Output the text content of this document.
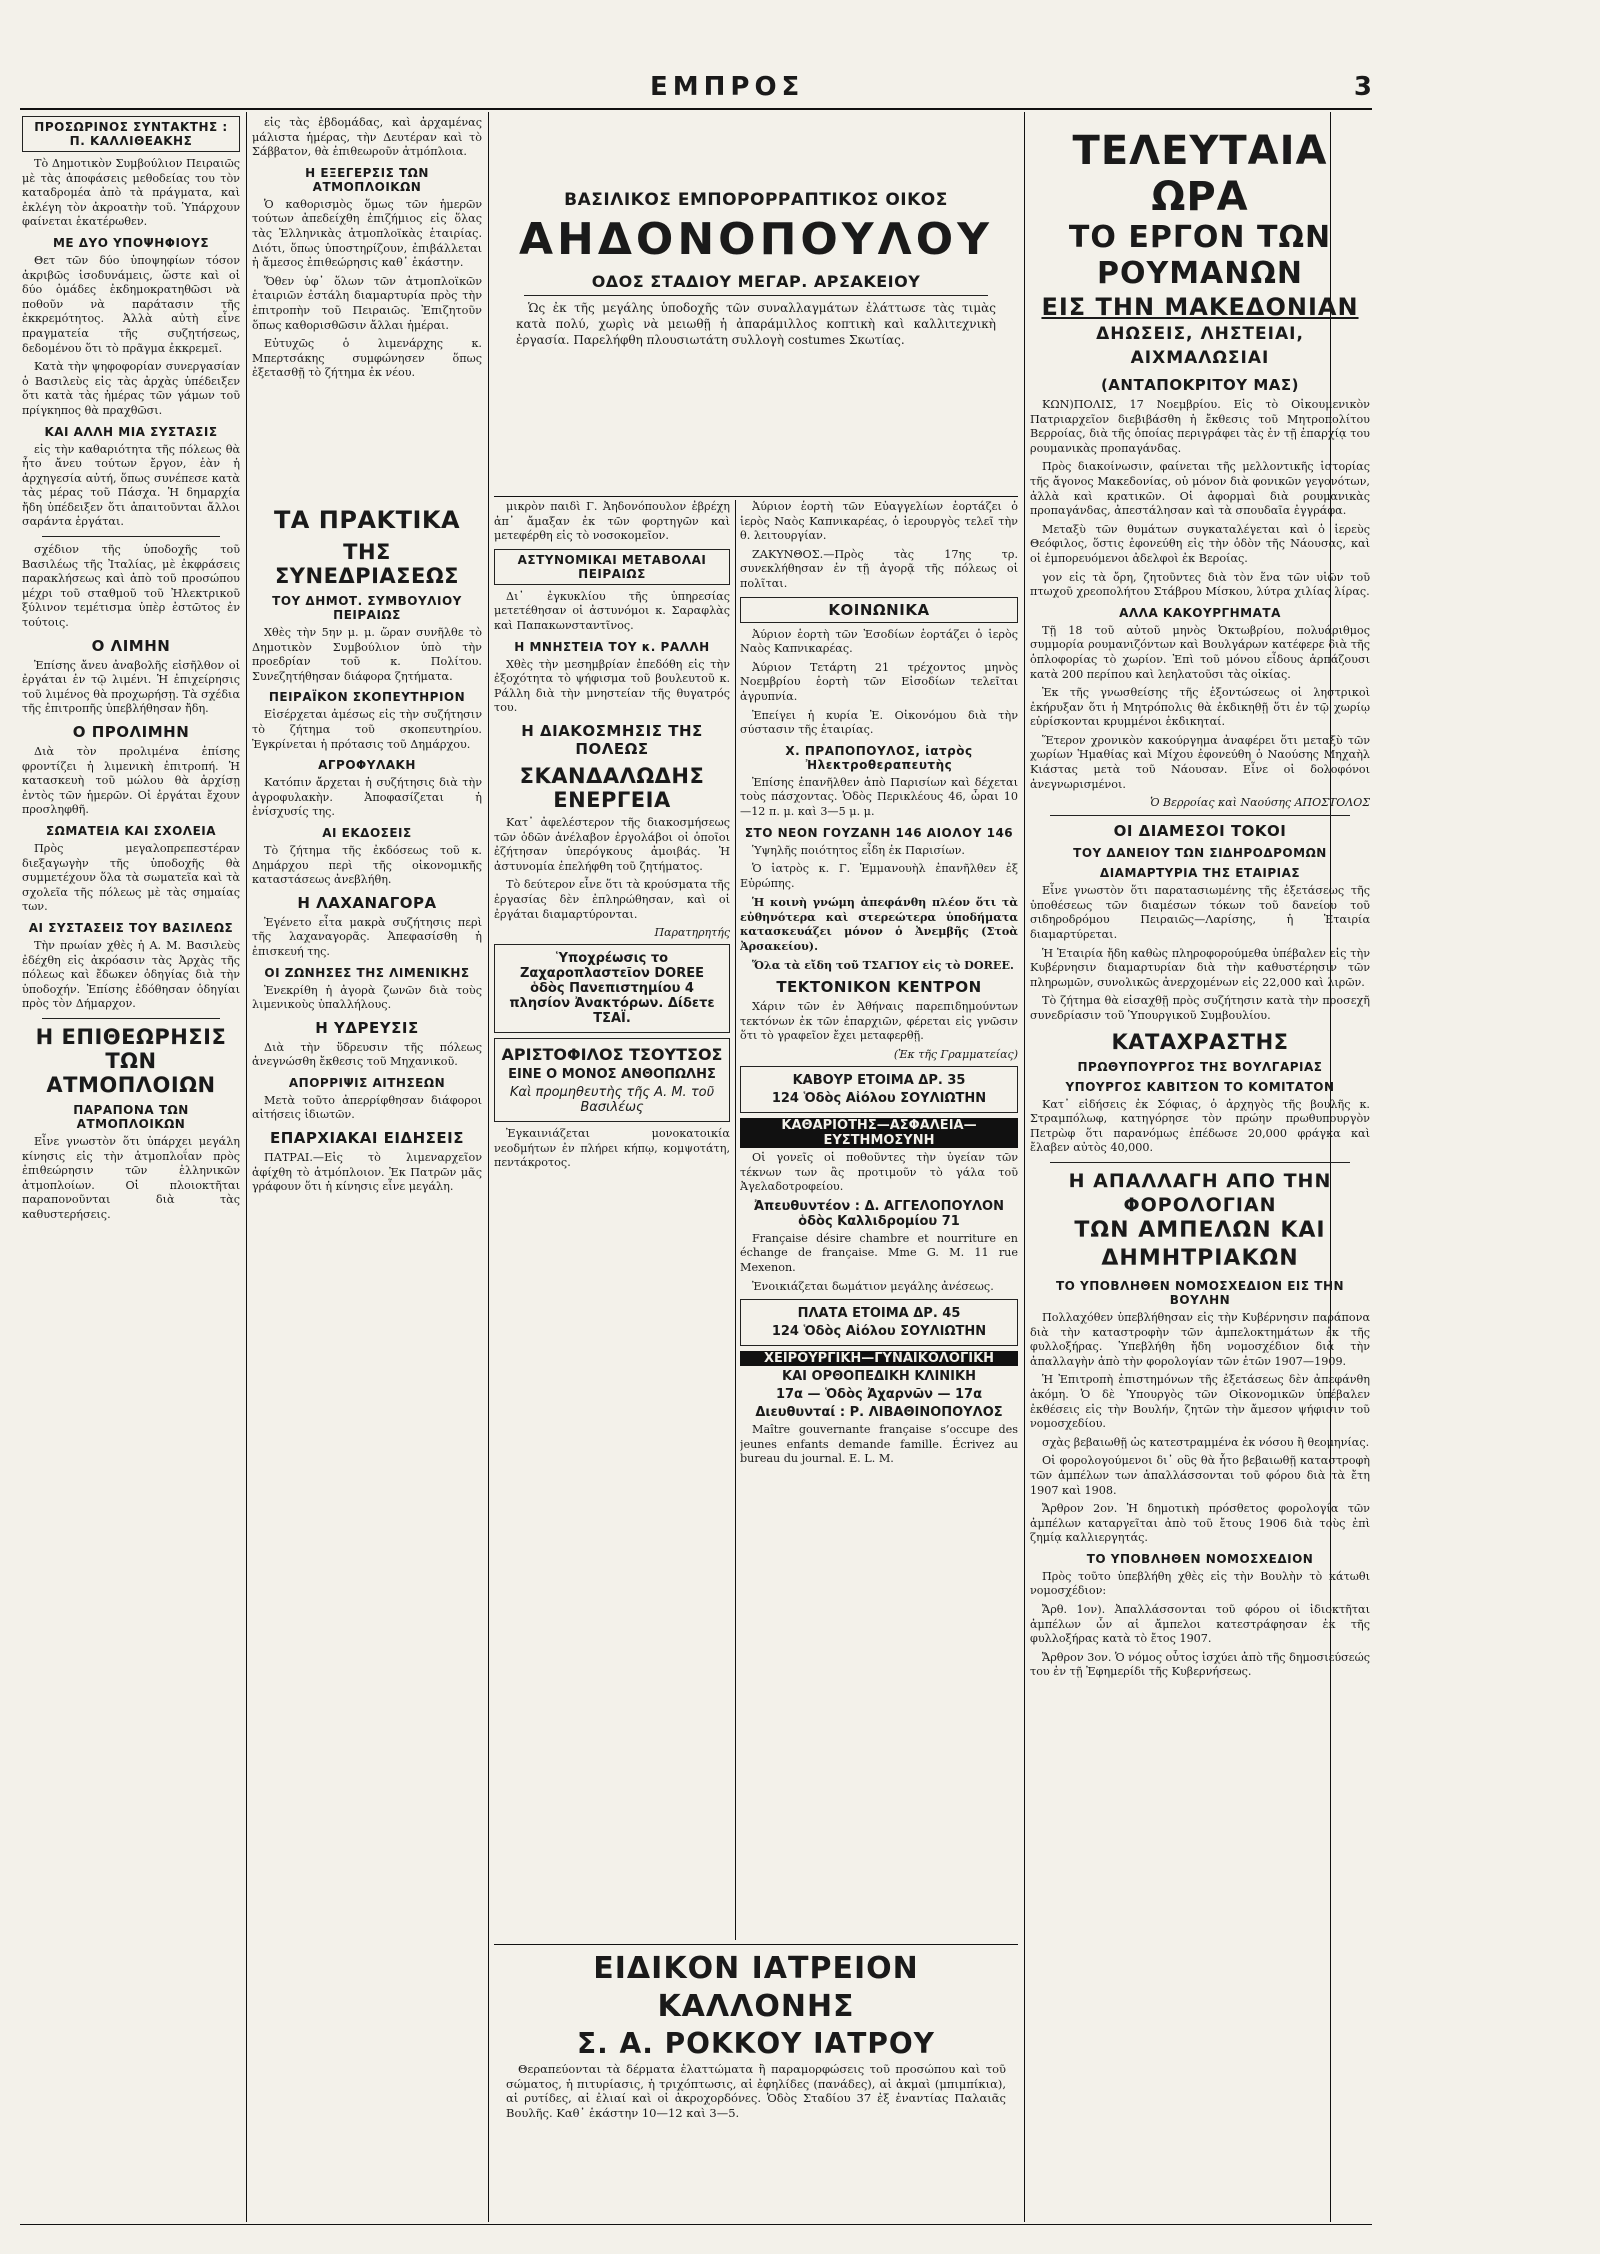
ΕΜΠΡΟΣ	3
ΠΡΟΣΩΡΙΝΟΣ ΣΥΝΤΑΚΤΗΣ : Π. ΚΑΛΛΙΘΕΑΚΗΣ

Τὸ Δημοτικὸν Συμβούλιον Πειραιῶς μὲ τὰς ἀποφάσεις μεθοδείας του τὸν καταδρομέα ἀπὸ τὰ πράγματα, καὶ ἐκλέγη τὸν ἀκροατὴν τοῦ. Ὑπάρχουν φαίνεται ἑκατέρωθεν.

ΜΕ ΔΥΟ ΥΠΟΨΗΦΙΟΥΣ

Θετ τῶν δύο ὑποψηφίων τόσον ἀκριβῶς ἰσοδυνάμεις, ὥστε καὶ οἱ δύο ὁμάδες ἐκδημοκρατηθῶσι νὰ ποθοῦν νὰ παράτασιν τῆς ἐκκρεμότητος. Ἀλλὰ αὐτὴ εἶνε πραγματεία τῆς συζητήσεως, δεδομένου ὅτι τὸ πρᾶγμα ἐκκρεμεῖ.

Κατὰ τὴν ψηφοφορίαν συνεργασίαν ὁ Βασιλεὺς εἰς τὰς ἀρχὰς ὑπέδειξεν ὅτι κατὰ τὰς ἡμέρας τῶν γάμων τοῦ πρίγκηπος θὰ πραχθῶσι.

ΚΑΙ ΑΛΛΗ ΜΙΑ ΣΥΣΤΑΣΙΣ

εἰς τὴν καθαριότητα τῆς πόλεως θὰ ἦτο ἄνευ τούτων ἔργον, ἐὰν ἡ ἀρχηγεσία αὐτή, ὅπως συνέπεσε κατὰ τὰς μέρας τοῦ Πάσχα. Ἡ δημαρχία ἤδη ὑπέδειξεν ὅτι ἀπαιτοῦνται ἄλλοι σαράντα ἐργάται.

σχέδιον τῆς ὑποδοχῆς τοῦ Βασιλέως τῆς Ἰταλίας, μὲ ἐκφράσεις παρακλήσεως καὶ ἀπὸ τοῦ προσώπου μέχρι τοῦ σταθμοῦ τοῦ Ἠλεκτρικοῦ ξύλινον τεμέτισμα ὑπὲρ ἐστῶτος ἐν τούτοις.

Ο ΛΙΜΗΝ

Ἐπίσης ἄνευ ἀναβολῆς εἰσῆλθον οἱ ἐργάται ἐν τῷ λιμένι. Ἡ ἐπιχείρησις τοῦ λιμένος θὰ προχωρήσῃ. Τὰ σχέδια τῆς ἐπιτροπῆς ὑπεβλήθησαν ἤδη.

Ο ΠΡΟΛΙΜΗΝ

Διὰ τὸν προλιμένα ἐπίσης φροντίζει ἡ λιμενικὴ ἐπιτροπή. Ἡ κατασκευὴ τοῦ μώλου θὰ ἀρχίσῃ ἐντὸς τῶν ἡμερῶν. Οἱ ἐργάται ἔχουν προσληφθῆ.

ΣΩΜΑΤΕΙΑ ΚΑΙ ΣΧΟΛΕΙΑ

Πρὸς μεγαλοπρεπεστέραν διεξαγωγὴν τῆς ὑποδοχῆς θὰ συμμετέχουν ὅλα τὰ σωματεῖα καὶ τὰ σχολεῖα τῆς πόλεως μὲ τὰς σημαίας των.

ΑΙ ΣΥΣΤΑΣΕΙΣ ΤΟΥ ΒΑΣΙΛΕΩΣ

Τὴν πρωίαν χθὲς ἡ Α. Μ. Βασιλεὺς ἐδέχθη εἰς ἀκρόασιν τὰς Ἀρχὰς τῆς πόλεως καὶ ἔδωκεν ὁδηγίας διὰ τὴν ὑποδοχήν. Ἐπίσης ἐδόθησαν ὁδηγίαι πρὸς τὸν Δήμαρχον.

Η ΕΠΙΘΕΩΡΗΣΙΣ ΤΩΝ ΑΤΜΟΠΛΟΙΩΝ
ΠΑΡΑΠΟΝΑ ΤΩΝ ΑΤΜΟΠΛΟΙΚΩΝ

Εἶνε γνωστὸν ὅτι ὑπάρχει μεγάλη κίνησις εἰς τὴν ἀτμοπλοΐαν πρὸς ἐπιθεώρησιν τῶν ἑλληνικῶν ἀτμοπλοίων. Οἱ πλοιοκτῆται παραπονοῦνται διὰ τὰς καθυστερήσεις.

εἰς τὰς ἑβδομάδας, καὶ ἀρχαμένας μάλιστα ἡμέρας, τὴν Δευτέραν καὶ τὸ Σάββατον, θὰ ἐπιθεωροῦν ἀτμόπλοια.

Η ΕΞΕΓΕΡΣΙΣ ΤΩΝ ΑΤΜΟΠΛΟΙΚΩΝ

Ὁ καθορισμὸς ὅμως τῶν ἡμερῶν τούτων ἀπεδείχθη ἐπιζήμιος εἰς ὅλας τὰς Ἑλληνικὰς ἀτμοπλοϊκὰς ἑταιρίας. Διότι, ὅπως ὑποστηρίζουν, ἐπιβάλλεται ἡ ἄμεσος ἐπιθεώρησις καθ᾿ ἑκάστην.

Ὅθεν ὑφ᾿ ὅλων τῶν ἀτμοπλοϊκῶν ἑταιριῶν ἐστάλη διαμαρτυρία πρὸς τὴν ἐπιτροπὴν τοῦ Πειραιῶς. Ἐπιζητοῦν ὅπως καθορισθῶσιν ἄλλαι ἡμέραι.

Εὐτυχῶς ὁ λιμενάρχης κ. Μπερτσάκης συμφώνησεν ὅπως ἐξετασθῇ τὸ ζήτημα ἐκ νέου.

ΒΑΣΙΛΙΚΟΣ ΕΜΠΟΡΟΡΡΑΠΤΙΚΟΣ ΟΙΚΟΣ
ΑΗΔΟΝΟΠΟΥΛΟΥ
ΟΔΟΣ ΣΤΑΔΙΟΥ ΜΕΓΑΡ. ΑΡΣΑΚΕΙΟΥ

Ὡς ἐκ τῆς μεγάλης ὑποδοχῆς τῶν συναλλαγμάτων ἐλάττωσε τὰς τιμὰς κατὰ πολύ, χωρὶς νὰ μειωθῇ ἡ ἀπαράμιλλος κοπτικὴ καὶ καλλιτεχνικὴ ἐργασία. Παρελήφθη πλουσιωτάτη συλλογὴ costumes Σκωτίας.

ΤΑ ΠΡΑΚΤΙΚΑ
ΤΗΣ ΣΥΝΕΔΡΙΑΣΕΩΣ
ΤΟΥ ΔΗΜΟΤ. ΣΥΜΒΟΥΛΙΟΥ ΠΕΙΡΑΙΩΣ

Χθὲς τὴν 5ην μ. μ. ὥραν συνῆλθε τὸ Δημοτικὸν Συμβούλιον ὑπὸ τὴν προεδρίαν τοῦ κ. Πολίτου. Συνεζητήθησαν διάφορα ζητήματα.

ΠΕΙΡΑΪΚΟΝ ΣΚΟΠΕΥΤΗΡΙΟΝ

Εἰσέρχεται ἀμέσως εἰς τὴν συζήτησιν τὸ ζήτημα τοῦ σκοπευτηρίου. Ἐγκρίνεται ἡ πρότασις τοῦ Δημάρχου.

ΑΓΡΟΦΥΛΑΚΗ

Κατόπιν ἄρχεται ἡ συζήτησις διὰ τὴν ἀγροφυλακὴν. Ἀποφασίζεται ἡ ἐνίσχυσίς της.

ΑΙ ΕΚΔΟΣΕΙΣ

Τὸ ζήτημα τῆς ἐκδόσεως τοῦ κ. Δημάρχου περὶ τῆς οἰκονομικῆς καταστάσεως ἀνεβλήθη.

Η ΛΑΧΑΝΑΓΟΡΑ

Ἐγένετο εἶτα μακρὰ συζήτησις περὶ τῆς λαχαναγορᾶς. Ἀπεφασίσθη ἡ ἐπισκευή της.

ΟΙ ΖΩΝΗΣΕΣ ΤΗΣ ΛΙΜΕΝΙΚΗΣ

Ἐνεκρίθη ἡ ἀγορὰ ζωνῶν διὰ τοὺς λιμενικοὺς ὑπαλλήλους.

Η ΥΔΡΕΥΣΙΣ

Διὰ τὴν ὕδρευσιν τῆς πόλεως ἀνεγνώσθη ἔκθεσις τοῦ Μηχανικοῦ.

ΑΠΟΡΡΙΨΙΣ ΑΙΤΗΣΕΩΝ

Μετὰ τοῦτο ἀπερρίφθησαν διάφοροι αἰτήσεις ἰδιωτῶν.

ΕΠΑΡΧΙΑΚΑΙ ΕΙΔΗΣΕΙΣ

ΠΑΤΡΑΙ.—Εἰς τὸ λιμεναρχεῖον ἀφίχθη τὸ ἀτμόπλοιον. Ἐκ Πατρῶν μᾶς γράφουν ὅτι ἡ κίνησις εἶνε μεγάλη.

μικρὸν παιδὶ Γ. Ἀηδονόπουλον ἐβρέχη ἀπ᾿ ἄμαξαν ἐκ τῶν φορτηγῶν καὶ μετεφέρθη εἰς τὸ νοσοκομεῖον.

ΑΣΤΥΝΟΜΙΚΑΙ ΜΕΤΑΒΟΛΑΙ ΠΕΙΡΑΙΩΣ

Δι᾿ ἐγκυκλίου τῆς ὑπηρεσίας μετετέθησαν οἱ ἀστυνόμοι κ. Σαραφλὰς καὶ Παπακωνσταντῖνος.

Η ΜΝΗΣΤΕΙΑ ΤΟΥ κ. ΡΑΛΛΗ

Χθὲς τὴν μεσημβρίαν ἐπεδόθη εἰς τὴν ἐξοχότητα τὸ ψήφισμα τοῦ βουλευτοῦ κ. Ράλλη διὰ τὴν μνηστείαν τῆς θυγατρός του.

Η ΔΙΑΚΟΣΜΗΣΙΣ ΤΗΣ ΠΟΛΕΩΣ
ΣΚΑΝΔΑΛΩΔΗΣ ΕΝΕΡΓΕΙΑ

Κατ᾿ ἀφελέστερον τῆς διακοσμήσεως τῶν ὁδῶν ἀνέλαβον ἐργολάβοι οἱ ὁποῖοι ἐζήτησαν ὑπερόγκους ἀμοιβάς. Ἡ ἀστυνομία ἐπελήφθη τοῦ ζητήματος.

Τὸ δεύτερον εἶνε ὅτι τὰ κρούσματα τῆς ἐργασίας δὲν ἐπληρώθησαν, καὶ οἱ ἐργάται διαμαρτύρονται.

Παρατηρητής
Ὑποχρέωσις το Ζαχαροπλαστεῖον DOREE ὁδὸς Πανεπιστημίου 4 πλησίον Ἀνακτόρων. Δίδετε ΤΣΑΪ.
ΑΡΙΣΤΟΦΙΛΟΣ ΤΣΟΥΤΣΟΣ
ΕΙΝΕ Ο ΜΟΝΟΣ ΑΝΘΟΠΩΛΗΣ
Καὶ προμηθευτὴς τῆς Α. Μ. τοῦ Βασιλέως

Ἐγκαινιάζεται μονοκατοικία νεοδμήτων ἐν πλήρει κήπῳ, κομψοτάτη, πεντάκροτος.

Ἀύριον ἑορτὴ τῶν Εὐαγγελίων ἑορτάζει ὁ ἱερὸς Ναὸς Καπνικαρέας, ὁ ἱερουργὸς τελεῖ τὴν θ. λειτουργίαν.

ΖΑΚΥΝΘΟΣ.—Πρὸς τὰς 17ης τρ. συνεκλήθησαν ἐν τῇ ἀγορᾷ τῆς πόλεως οἱ πολῖται.

ΚΟΙΝΩΝΙΚΑ

Ἀύριον ἑορτὴ τῶν Ἐσοδίων ἑορτάζει ὁ ἱερὸς Ναὸς Καπνικαρέας.

Ἀύριον Τετάρτη 21 τρέχοντος μηνὸς Νοεμβρίου ἑορτὴ τῶν Εἰσοδίων τελεῖται ἀγρυπνία.

Ἐπείγει ἡ κυρία Ἐ. Οἰκονόμου διὰ τὴν σύστασιν τῆς ἑταιρίας.

Χ. ΠΡΑΠΟΠΟΥΛΟΣ, ἰατρὸς Ἠλεκτροθεραπευτὴς

Ἐπίσης ἐπανῆλθεν ἀπὸ Παρισίων καὶ δέχεται τοὺς πάσχοντας. Ὁδὸς Περικλέους 46, ὧραι 10—12 π. μ. καὶ 3—5 μ. μ.

ΣΤΟ ΝΕΟΝ ΓΟΥΖΑΝΗ 146 ΑΙΟΛΟΥ 146

Ὑψηλῆς ποιότητος εἶδη ἐκ Παρισίων.

Ὁ ἰατρὸς κ. Γ. Ἐμμανουὴλ ἐπανῆλθεν ἐξ Εὐρώπης.

Ἡ κοινὴ γνώμη ἀπεφάνθη πλέον ὅτι τὰ εὐθηνότερα καὶ στερεώτερα ὑποδήματα κατασκευάζει μόνον ὁ Ἀνεμβῆς (Στοὰ Ἀρσακείου).

Ὅλα τὰ εἴδη τοῦ ΤΣΑΓΙΟΥ εἰς τὸ DOREE.

ΤΕΚΤΟΝΙΚΟΝ ΚΕΝΤΡΟΝ

Χάριν τῶν ἐν Ἀθήναις παρεπιδημούντων τεκτόνων ἐκ τῶν ἐπαρχιῶν, φέρεται εἰς γνῶσιν ὅτι τὸ γραφεῖον ἔχει μεταφερθῇ.

(Ἐκ τῆς Γραμματείας)
ΚΑΒΟΥΡ ΕΤΟΙΜΑ ΔΡ. 35
124 Ὁδὸς Αἰόλου ΣΟΥΛΙΩΤΗΝ
ΚΑΘΑΡΙΟΤΗΣ—ΑΣΦΑΛΕΙΑ—ΕΥΣΤΗΜΟΣΥΝΗ

Οἱ γονεῖς οἱ ποθοῦντες τὴν ὑγείαν τῶν τέκνων των ἂς προτιμοῦν τὸ γάλα τοῦ Ἀγελαδοτροφείου.

Ἀπευθυντέον : Δ. ΑΓΓΕΛΟΠΟΥΛΟΝ ὁδὸς Καλλιδρομίου 71

Française désire chambre et nourriture en échange de française. Mme G. M. 11 rue Mexenon.

Ἐνοικιάζεται δωμάτιον μεγάλης ἀνέσεως.

ΠΛΑΤΑ ΕΤΟΙΜΑ ΔΡ. 45
124 Ὁδὸς Αἰόλου ΣΟΥΛΙΩΤΗΝ
ΧΕΙΡΟΥΡΓΙΚΗ—ΓΥΝΑΙΚΟΛΟΓΙΚΗ
ΚΑΙ ΟΡΘΟΠΕΔΙΚΗ ΚΛΙΝΙΚΗ
17α — Ὁδὸς Ἀχαρνῶν — 17α
Διευθυνταί : Ρ. ΛΙΒΑΘΙΝΟΠΟΥΛΟΣ

Maître gouvernante française s’occupe des jeunes enfants demande famille. Écrivez au bureau du journal. E. L. M.

ΕΙΔΙΚΟΝ ΙΑΤΡΕΙΟΝ ΚΑΛΛΟΝΗΣ
Σ. Α. ΡΟΚΚΟΥ ΙΑΤΡΟΥ

Θεραπεύονται τὰ δέρματα ἐλαττώματα ἢ παραμορφώσεις τοῦ προσώπου καὶ τοῦ σώματος, ἡ πιτυρίασις, ἡ τριχόπτωσις, αἱ ἐφηλίδες (πανάδες), αἱ ἀκμαὶ (μπιμπίκια), αἱ ρυτίδες, αἱ ἐλιαί καὶ οἱ ἀκροχορδόνες. Ὁδὸς Σταδίου 37 ἐξ ἐναντίας Παλαιᾶς Βουλῆς. Καθ᾿ ἑκάστην 10—12 καὶ 3—5.

ΤΕΛΕΥΤΑΙΑ ΩΡΑ
ΤΟ ΕΡΓΟΝ ΤΩΝ ΡΟΥΜΑΝΩΝ
ΕΙΣ ΤΗΝ ΜΑΚΕΔΟΝΙΑΝ
ΔΗΩΣΕΙΣ, ΛΗΣΤΕΙΑΙ, ΑΙΧΜΑΛΩΣΙΑΙ
(ΑΝΤΑΠΟΚΡΙΤΟΥ ΜΑΣ)

ΚΩΝ)ΠΟΛΙΣ, 17 Νοεμβρίου. Εἰς τὸ Οἰκουμενικὸν Πατριαρχεῖον διεβιβάσθη ἡ ἔκθεσις τοῦ Μητροπολίτου Βερροίας, διὰ τῆς ὁποίας περιγράφει τὰς ἐν τῇ ἐπαρχίᾳ του ρουμανικὰς προπαγάνδας.

Πρὸς διακοίνωσιν, φαίνεται τῆς μελλοντικῆς ἱστορίας τῆς ἄγονος Μακεδονίας, οὐ μόνον διὰ φονικῶν γεγονότων, ἀλλὰ καὶ κρατικῶν. Οἱ ἀφορμαὶ διὰ ρουμανικὰς προπαγάνδας, ἀπεστάλησαν καὶ τὰ σπουδαῖα ἐγγράφα.

Μεταξὺ τῶν θυμάτων συγκαταλέγεται καὶ ὁ ἱερεὺς Θεόφιλος, ὅστις ἐφονεύθη εἰς τὴν ὁδὸν τῆς Νάουσας, καὶ οἱ ἐμπορευόμενοι ἀδελφοὶ ἐκ Βεροίας.

γον εἰς τὰ ὄρη, ζητοῦντες διὰ τὸν ἕνα τῶν υἱῶν τοῦ πτωχοῦ χρεοπολήτου Στάβρου Μίσκου, λύτρα χιλίας λίρας.

ΑΛΛΑ ΚΑΚΟΥΡΓΗΜΑΤΑ

Τῇ 18 τοῦ αὐτοῦ μηνὸς Ὀκτωβρίου, πολυάριθμος συμμορία ρουμανιζόντων καὶ Βουλγάρων κατέφερε διὰ τῆς ὁπλοφορίας τὸ χωρίον. Ἐπὶ τοῦ μόνου εἶδους ἁρπάζουσι κατὰ 200 περίπου καὶ λεηλατοῦσι τὰς οἰκίας.

Ἐκ τῆς γνωσθείσης τῆς ἐξοντώσεως οἱ ληστρικοὶ ἐκήρυξαν ὅτι ἡ Μητρόπολις θὰ ἐκδικηθῇ ὅτι ἐν τῷ χωρίῳ εὑρίσκονται κρυμμένοι ἐκδικηταί.

Ἕτερον χρονικὸν κακούργημα ἀναφέρει ὅτι μεταξὺ τῶν χωρίων Ἡμαθίας καὶ Μίχου ἐφονεύθη ὁ Ναούσης Μηχαὴλ Κιάστας μετὰ τοῦ Νάουσαν. Εἶνε οἱ δολοφόνοι ἀνεγνωρισμένοι.

Ὁ Βερροίας καὶ Ναούσης ΑΠΟΣΤΟΛΟΣ
ΟΙ ΔΙΑΜΕΣΟΙ ΤΟΚΟΙ
ΤΟΥ ΔΑΝΕΙΟΥ ΤΩΝ ΣΙΔΗΡΟΔΡΟΜΩΝ
ΔΙΑΜΑΡΤΥΡΙΑ ΤΗΣ ΕΤΑΙΡΙΑΣ

Εἶνε γνωστὸν ὅτι παρατασιωμένης τῆς ἐξετάσεως τῆς ὑποθέσεως τῶν διαμέσων τόκων τοῦ δανείου τοῦ σιδηροδρόμου Πειραιῶς—Λαρίσης, ἡ Ἑταιρία διαμαρτύρεται.

Ἡ Ἑταιρία ἤδη καθὼς πληροφορούμεθα ὑπέβαλεν εἰς τὴν Κυβέρνησιν διαμαρτυρίαν διὰ τὴν καθυστέρησιν τῶν πληρωμῶν, συνολικῶς ἀνερχομένων εἰς 22,000 καὶ λιρῶν.

Τὸ ζήτημα θὰ εἰσαχθῇ πρὸς συζήτησιν κατὰ τὴν προσεχῆ συνεδρίασιν τοῦ Ὑπουργικοῦ Συμβουλίου.

ΚΑΤΑΧΡΑΣΤΗΣ
ΠΡΩΘΥΠΟΥΡΓΟΣ ΤΗΣ ΒΟΥΛΓΑΡΙΑΣ
ΥΠΟΥΡΓΟΣ ΚΑΒΙΤΣΟΝ ΤΟ ΚΟΜΙΤΑΤΟΝ

Κατ᾿ εἰδήσεις ἐκ Σόφιας, ὁ ἀρχηγὸς τῆς βουλῆς κ. Στραμπόλωφ, κατηγόρησε τὸν πρώην πρωθυπουργὸν Πετρὼφ ὅτι παρανόμως ἐπέδωσε 20,000 φράγκα καὶ ἔλαβεν αὐτὸς 40,000.

Η ΑΠΑΛΛΑΓΗ ΑΠΟ ΤΗΝ ΦΟΡΟΛΟΓΙΑΝ
ΤΩΝ ΑΜΠΕΛΩΝ ΚΑΙ ΔΗΜΗΤΡΙΑΚΩΝ
ΤΟ ΥΠΟΒΛΗΘΕΝ ΝΟΜΟΣΧΕΔΙΟΝ ΕΙΣ ΤΗΝ ΒΟΥΛΗΝ

Πολλαχόθεν ὑπεβλήθησαν εἰς τὴν Κυβέρνησιν παράπονα διὰ τὴν καταστροφὴν τῶν ἀμπελοκτημάτων ἐκ τῆς φυλλοξήρας. Ὑπεβλήθη ἤδη νομοσχέδιον διὰ τὴν ἀπαλλαγὴν ἀπὸ τὴν φορολογίαν τῶν ἐτῶν 1907—1909.

Ἡ Ἐπιτροπὴ ἐπιστημόνων τῆς ἐξετάσεως δὲν ἀπεφάνθη ἀκόμη. Ὁ δὲ Ὑπουργὸς τῶν Οἰκονομικῶν ὑπέβαλεν ἐκθέσεις εἰς τὴν Βουλήν, ζητῶν τὴν ἄμεσον ψήφισιν τοῦ νομοσχεδίου.

σχὰς βεβαιωθῇ ὡς κατεστραμμένα ἐκ νόσου ἢ θεομηνίας.

Οἱ φορολογούμενοι δι᾿ οὓς θὰ ἦτο βεβαιωθῇ καταστροφὴ τῶν ἀμπέλων των ἀπαλλάσσονται τοῦ φόρου διὰ τὰ ἔτη 1907 καὶ 1908.

Ἄρθρον 2ον. Ἡ δημοτικὴ πρόσθετος φορολογία τῶν ἀμπέλων καταργεῖται ἀπὸ τοῦ ἔτους 1906 διὰ τοὺς ἐπὶ ζημίᾳ καλλιεργητάς.

ΤΟ ΥΠΟΒΛΗΘΕΝ ΝΟΜΟΣΧΕΔΙΟΝ

Πρὸς τοῦτο ὑπεβλήθη χθὲς εἰς τὴν Βουλὴν τὸ κάτωθι νομοσχέδιον:

Ἄρθ. 1ον). Ἀπαλλάσσονται τοῦ φόρου οἱ ἰδιοκτῆται ἀμπέλων ὧν αἱ ἄμπελοι κατεστράφησαν ἐκ τῆς φυλλοξήρας κατὰ τὸ ἔτος 1907.

Ἄρθρον 3ον. Ὁ νόμος οὗτος ἰσχύει ἀπὸ τῆς δημοσιεύσεώς του ἐν τῇ Ἐφημερίδι τῆς Κυβερνήσεως.
